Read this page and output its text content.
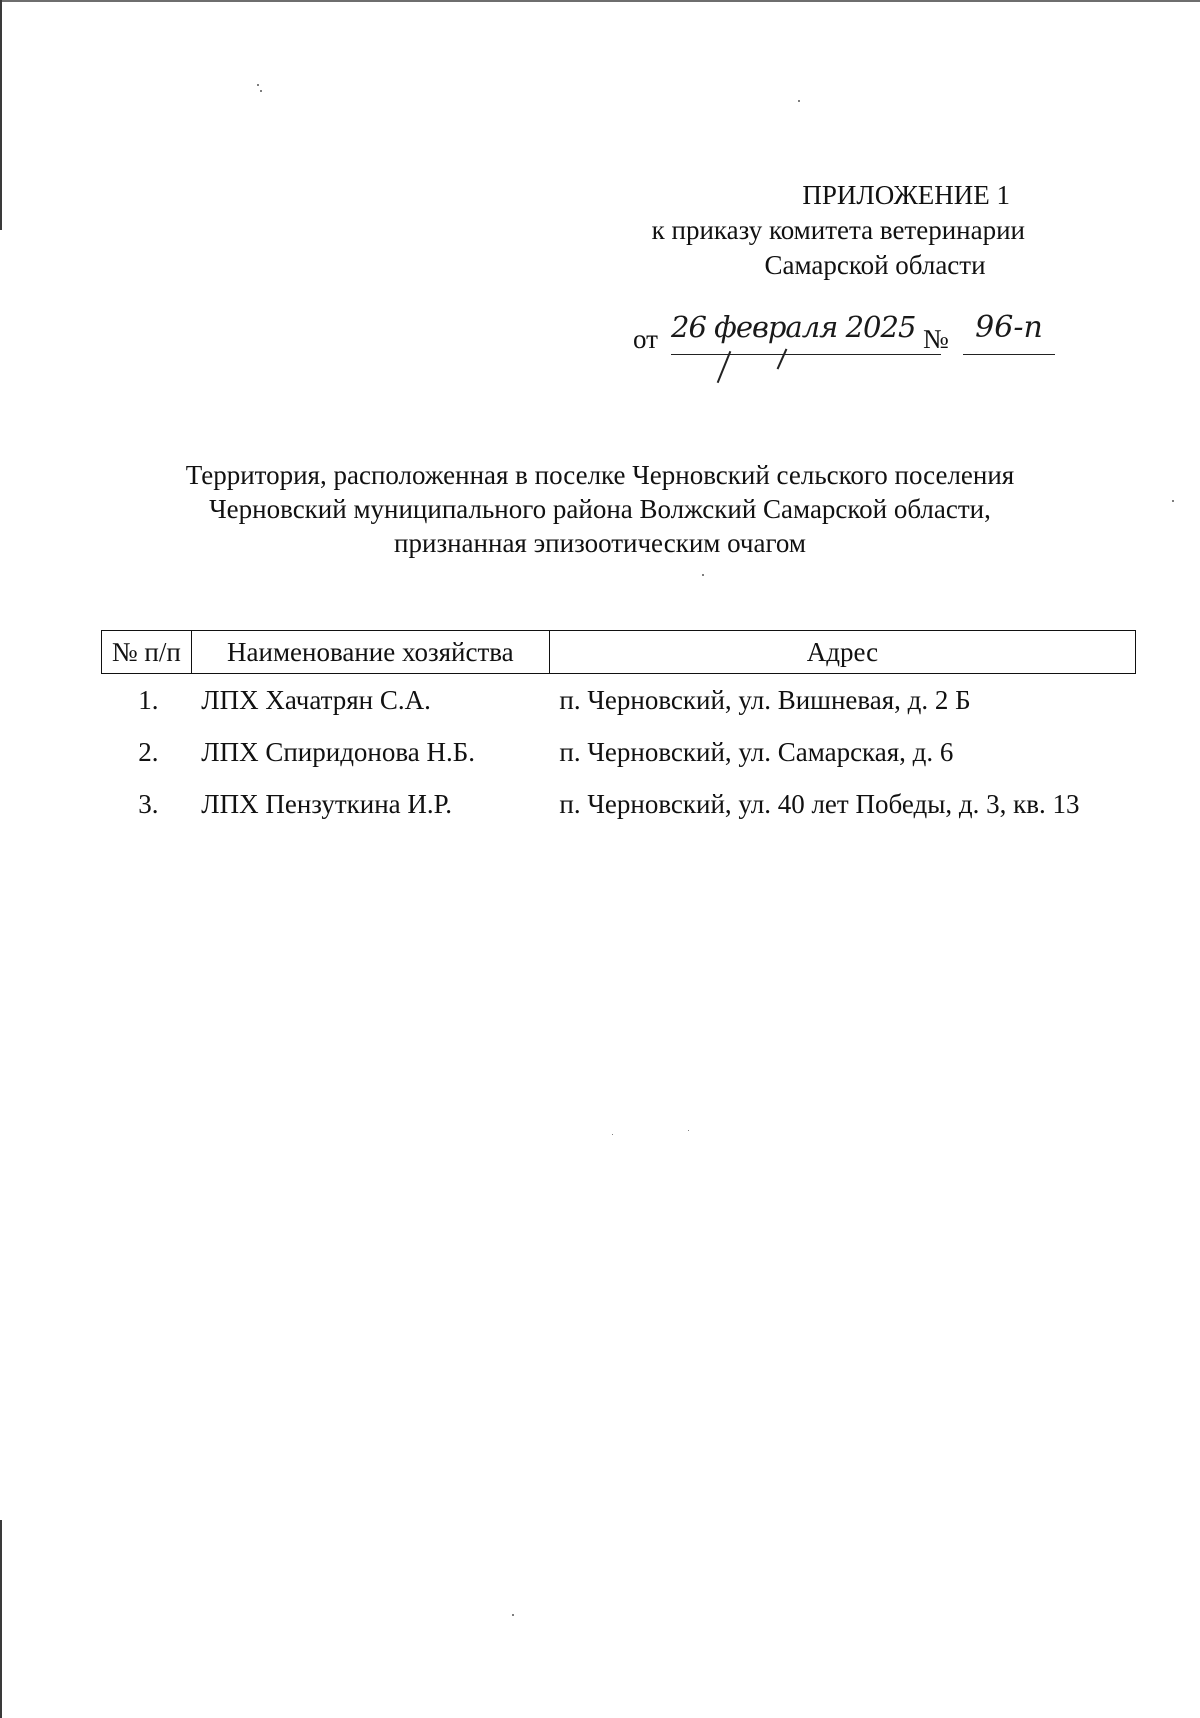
ПРИЛОЖЕНИЕ 1
к приказу комитета ветеринарии
Самарской области
от 26 февраля 2025 № 96-п
Территория, расположенная в поселке Черновский сельского поселения
Черновский муниципального района Волжский Самарской области,
признанная эпизоотическим очагом
№ п/п	Наименование хозяйства	Адрес
1.	ЛПХ Хачатрян С.А.	п. Черновский, ул. Вишневая, д. 2 Б
2.	ЛПХ Спиридонова Н.Б.	п. Черновский, ул. Самарская, д. 6
3.	ЛПХ Пензуткина И.Р.	п. Черновский, ул. 40 лет Победы, д. 3, кв. 13
